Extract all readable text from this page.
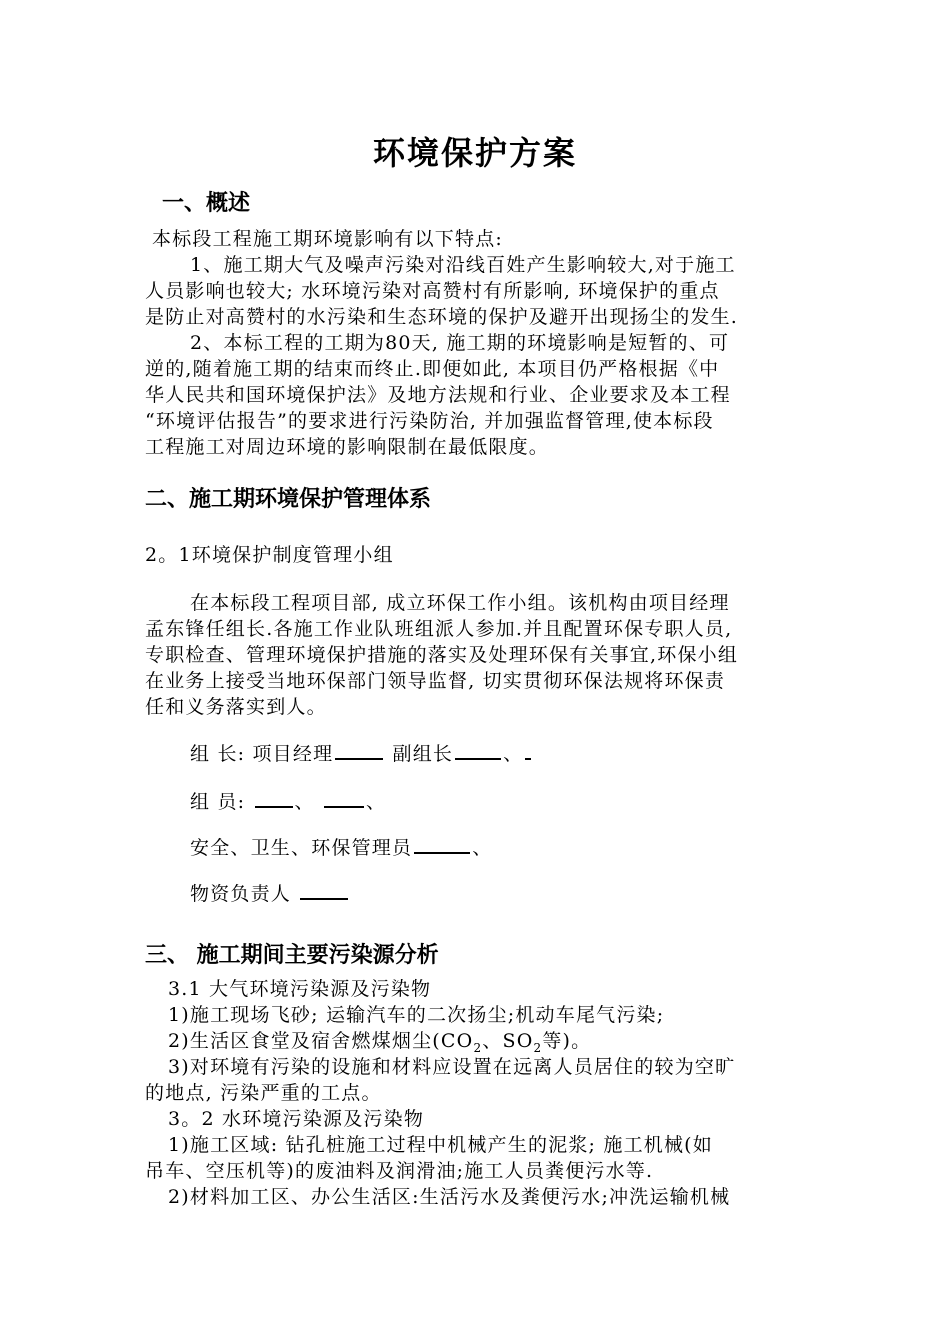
环境保护方案
一、概述
本标段工程施工期环境影响有以下特点:
1、施工期大气及噪声污染对沿线百姓产生影响较大,对于施工
人员影响也较大; 水环境污染对高赞村有所影响, 环境保护的重点
是防止对高赞村的水污染和生态环境的保护及避开出现扬尘的发生.
2、本标工程的工期为80天, 施工期的环境影响是短暂的、可
逆的,随着施工期的结束而终止.即便如此, 本项目仍严格根据《中
华人民共和国环境保护法》及地方法规和行业、企业要求及本工程
“环境评估报告”的要求进行污染防治, 并加强监督管理,使本标段
工程施工对周边环境的影响限制在最低限度。
二、施工期环境保护管理体系
2。1环境保护制度管理小组
在本标段工程项目部, 成立环保工作小组。该机构由项目经理
孟东锋任组长.各施工作业队班组派人参加.并且配置环保专职人员,
专职检查、管理环境保护措施的落实及处理环保有关事宜,环保小组
在业务上接受当地环保部门领导监督, 切实贯彻环保法规将环保责
任和义务落实到人。
组 长: 项目经理	副组长	、
组 员:	、	、
安全、卫生、环保管理员	、
物资负责人
三、 施工期间主要污染源分析
3.1 大气环境污染源及污染物
1)施工现场飞砂; 运输汽车的二次扬尘;机动车尾气污染;
2)生活区食堂及宿舍燃煤烟尘($CO_2$、$SO_2$等)。
3)对环境有污染的设施和材料应设置在远离人员居住的较为空旷
的地点, 污染严重的工点。
3。2 水环境污染源及污染物
1)施工区域: 钻孔桩施工过程中机械产生的泥浆; 施工机械(如
吊车、空压机等)的废油料及润滑油;施工人员粪便污水等.
2)材料加工区、办公生活区:生活污水及粪便污水;冲洗运输机械
